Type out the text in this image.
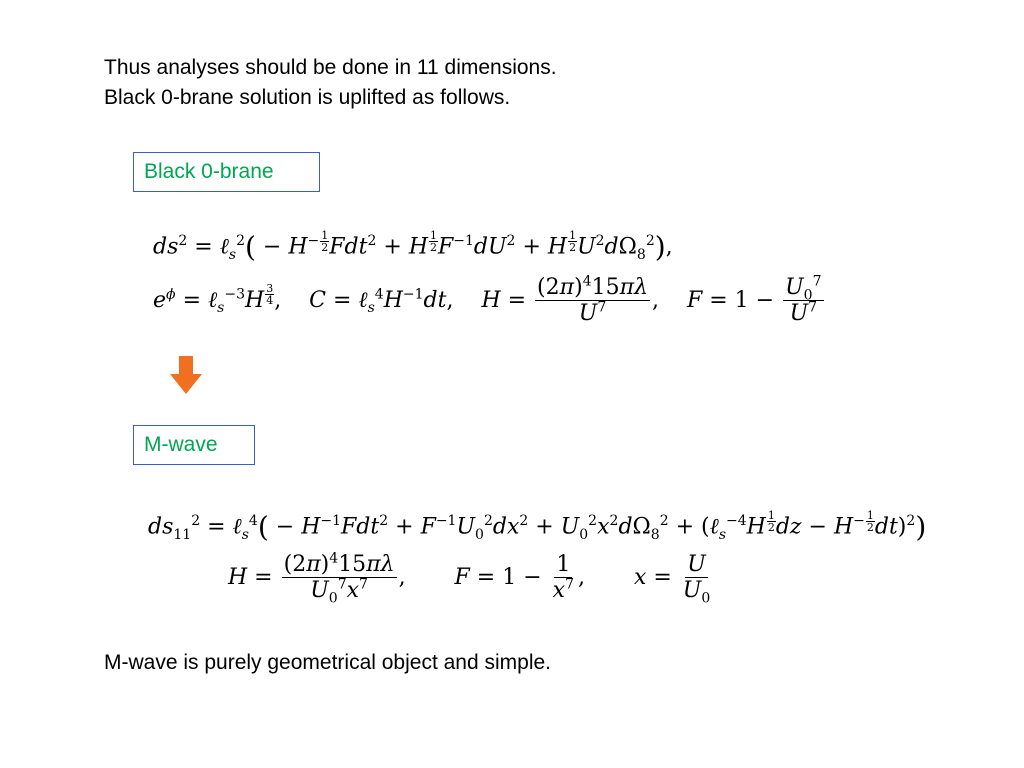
Thus analyses should be done in 11 dimensions.
Black 0-brane solution is uplifted as follows.
Black 0-brane
$ds^2$ = ℓ$_s^2$( − $H^{- \frac{1}{2}}$ Fdt$^2$ + H $^{\frac{1}{2}}$ $F^{-1}dU^2 + H$ $^{\frac{1}{2}}$ $U^2d\Omega_8^2$),
$e^\phi$ = ℓ$_s^{-3}$H $^{\frac{3}{4}}$ ,    $C = \ell_s^4H^{-1}dt$,    $H = \frac{(2\pi)^415\pi\lambda}{U^7}$ ,    $F = 1 - \frac{U_0^7}{U^7}$
M-wave
$ds_{11}^2$ = ℓ$_s^4$( − $H^{-1}Fdt^2 + F^{-1}U_0^2dx^2 + U_0^2x^2d\Omega_8^2$ + (ℓ$_s^{-4}$H $^{\frac{1}{2}}$ dz − $H^{- \frac{1}{2}}$ dt)$^2$)
$H = \frac{(2\pi)^415\pi\lambda}{U_0^7x^7}$ ,       $F = 1 - \frac{1}{x^7}$ ,       $x = \frac{U}{U_0}$
M-wave is purely geometrical object and simple.
